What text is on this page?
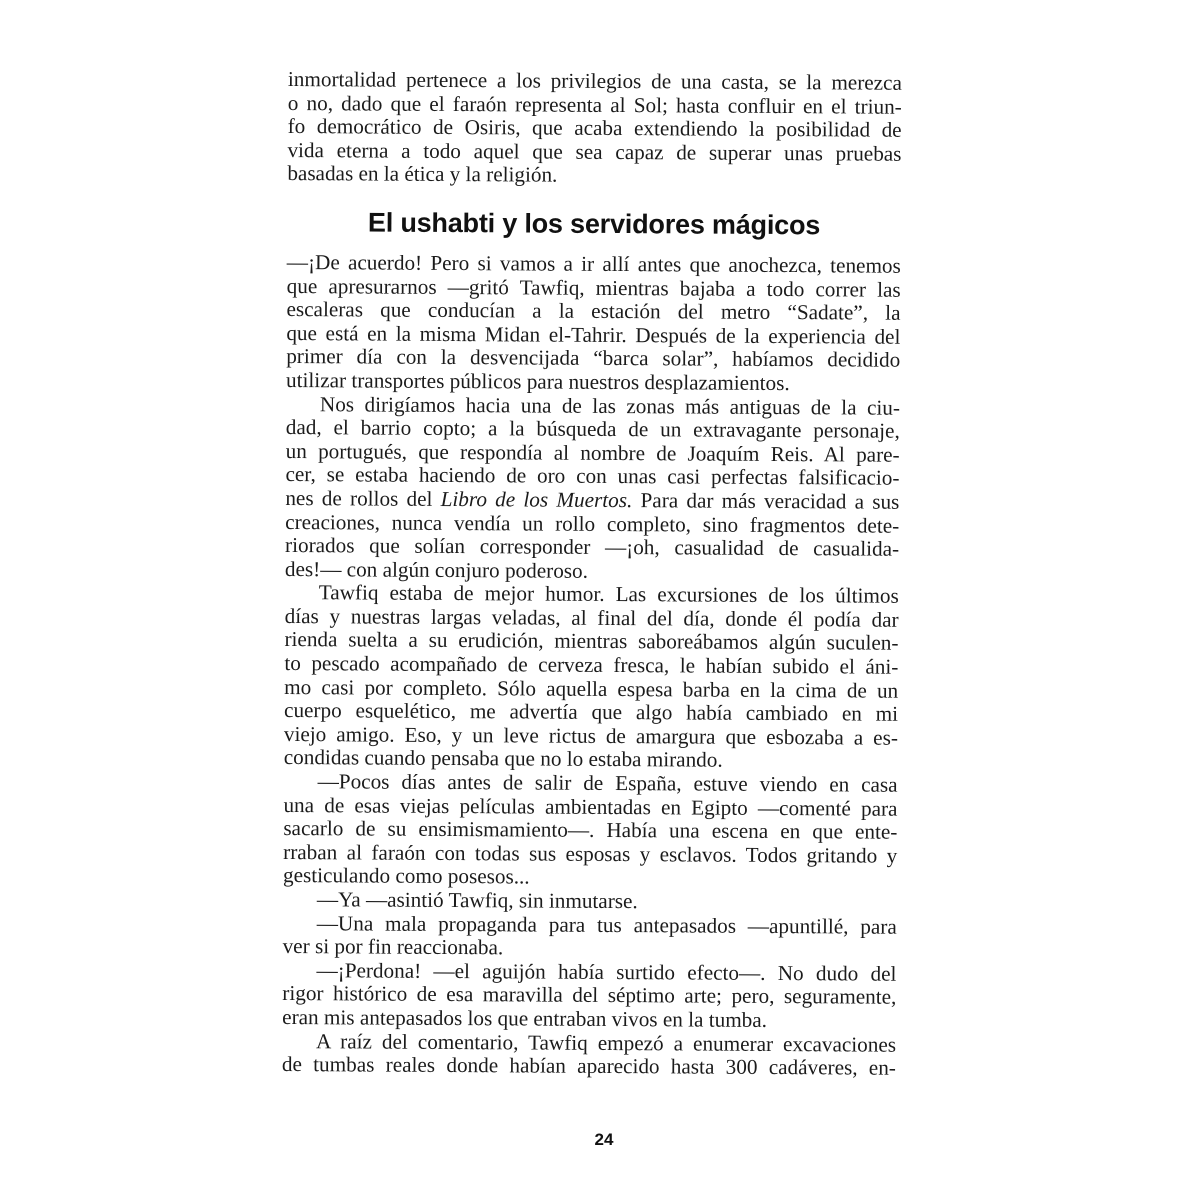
inmortalidad pertenece a los privilegios de una casta, se la merezca
o no, dado que el faraón representa al Sol; hasta confluir en el triun-
fo democrático de Osiris, que acaba extendiendo la posibilidad de
vida eterna a todo aquel que sea capaz de superar unas pruebas
basadas en la ética y la religión.
El ushabti y los servidores mágicos
—¡De acuerdo! Pero si vamos a ir allí antes que anochezca, tenemos
que apresurarnos —gritó Tawfiq, mientras bajaba a todo correr las
escaleras que conducían a la estación del metro “Sadate”, la
que está en la misma Midan el-Tahrir. Después de la experiencia del
primer día con la desvencijada “barca solar”, habíamos decidido
utilizar transportes públicos para nuestros desplazamientos.
Nos dirigíamos hacia una de las zonas más antiguas de la ciu-
dad, el barrio copto; a la búsqueda de un extravagante personaje,
un portugués, que respondía al nombre de Joaquím Reis. Al pare-
cer, se estaba haciendo de oro con unas casi perfectas falsificacio-
nes de rollos del Libro de los Muertos. Para dar más veracidad a sus
creaciones, nunca vendía un rollo completo, sino fragmentos dete-
riorados que solían corresponder —¡oh, casualidad de casualida-
des!— con algún conjuro poderoso.
Tawfiq estaba de mejor humor. Las excursiones de los últimos
días y nuestras largas veladas, al final del día, donde él podía dar
rienda suelta a su erudición, mientras saboreábamos algún suculen-
to pescado acompañado de cerveza fresca, le habían subido el áni-
mo casi por completo. Sólo aquella espesa barba en la cima de un
cuerpo esquelético, me advertía que algo había cambiado en mi
viejo amigo. Eso, y un leve rictus de amargura que esbozaba a es-
condidas cuando pensaba que no lo estaba mirando.
—Pocos días antes de salir de España, estuve viendo en casa
una de esas viejas películas ambientadas en Egipto —comenté para
sacarlo de su ensimismamiento—. Había una escena en que ente-
rraban al faraón con todas sus esposas y esclavos. Todos gritando y
gesticulando como posesos...
—Ya —asintió Tawfiq, sin inmutarse.
—Una mala propaganda para tus antepasados —apuntillé, para
ver si por fin reaccionaba.
—¡Perdona! —el aguijón había surtido efecto—. No dudo del
rigor histórico de esa maravilla del séptimo arte; pero, seguramente,
eran mis antepasados los que entraban vivos en la tumba.
A raíz del comentario, Tawfiq empezó a enumerar excavaciones
de tumbas reales donde habían aparecido hasta 300 cadáveres, en-
24
